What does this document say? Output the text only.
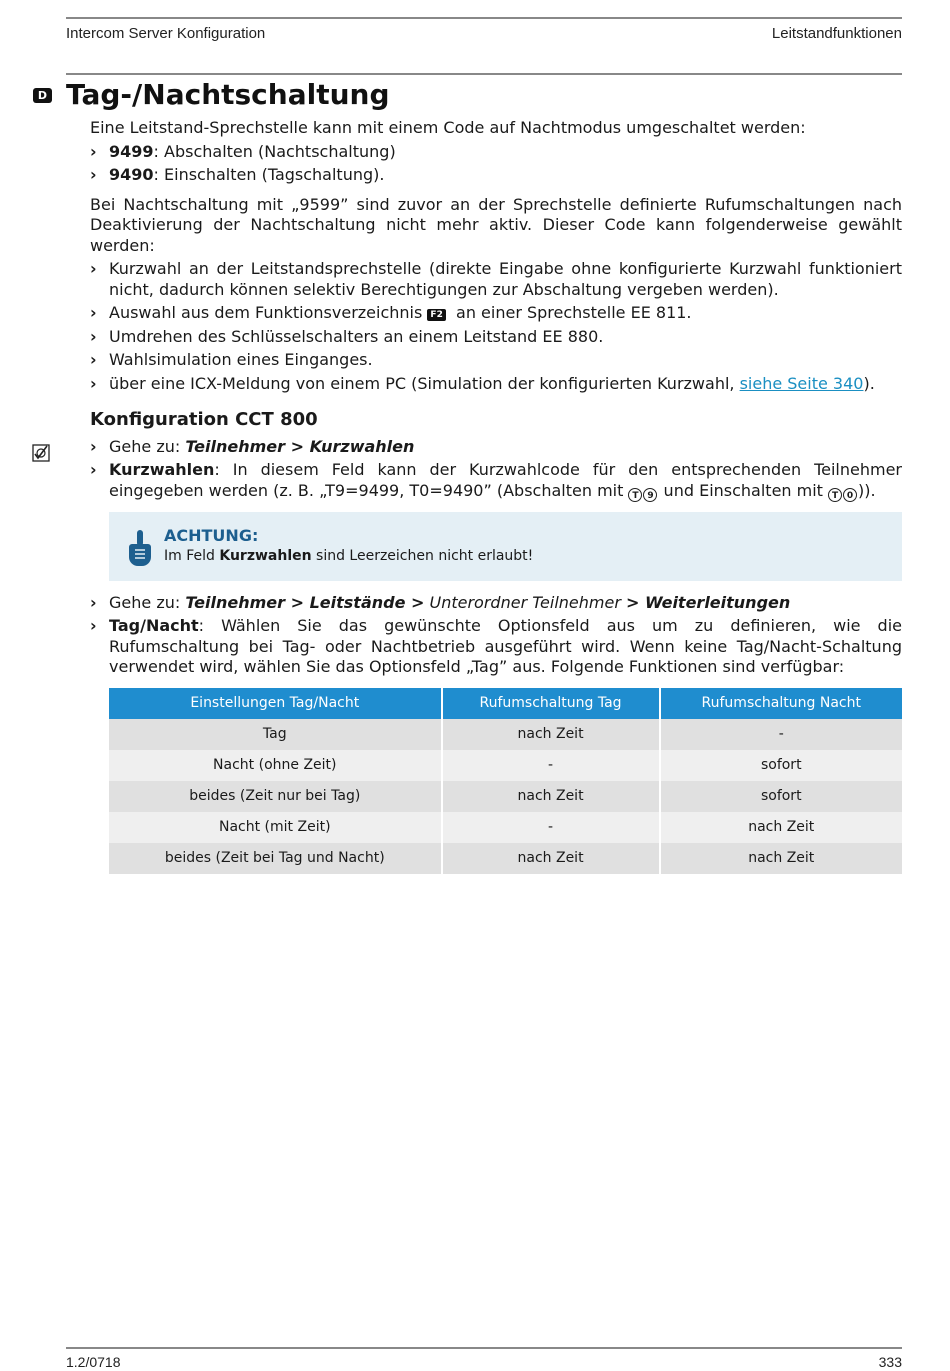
Intercom Server Konfiguration	Leitstandfunktionen
D Tag-/Nachtschaltung

Eine Leitstand-Sprechstelle kann mit einem Code auf Nachtmodus umgeschaltet werden:

› 9499: Abschalten (Nachtschaltung)

› 9490: Einschalten (Tagschaltung).

Bei Nachtschaltung mit „9599” sind zuvor an der Sprechstelle definierte Rufumschaltungen nach Deaktivierung der Nachtschaltung nicht mehr aktiv. Dieser Code kann folgenderweise gewählt werden:

› Kurzwahl an der Leitstandsprechstelle (direkte Eingabe ohne konfigurierte Kurzwahl funktioniert nicht, dadurch können selektiv Berechtigungen zur Abschaltung vergeben werden).

› Auswahl aus dem Funktionsverzeichnis F2 an einer Sprechstelle EE 811.

› Umdrehen des Schlüsselschalters an einem Leitstand EE 880.

› Wahlsimulation eines Einganges.

› über eine ICX-Meldung von einem PC (Simulation der konfigurierten Kurzwahl, siehe Seite 340).

Konfiguration CCT 800

› Gehe zu: Teilnehmer > Kurzwahlen

› Kurzwahlen: In diesem Feld kann der Kurzwahlcode für den entsprechenden Teilnehmer eingegeben werden (z. B. „T9=9499, T0=9490” (Abschalten mit T 9 und Einschalten mit T 0 )).

ACHTUNG:
Im Feld Kurzwahlen sind Leerzeichen nicht erlaubt!

› Gehe zu: Teilnehmer > Leitstände > Unterordner Teilnehmer > Weiterleitungen

› Tag/Nacht: Wählen Sie das gewünschte Optionsfeld aus um zu definieren, wie die Rufumschaltung bei Tag- oder Nachtbetrieb ausgeführt wird. Wenn keine Tag/Nacht-Schaltung verwendet wird, wählen Sie das Optionsfeld „Tag” aus. Folgende Funktionen sind verfügbar:

Einstellungen Tag/Nacht	Rufumschaltung Tag	Rufumschaltung Nacht
Tag	nach Zeit	-
Nacht (ohne Zeit)	-	sofort
beides (Zeit nur bei Tag)	nach Zeit	sofort
Nacht (mit Zeit)	-	nach Zeit
beides (Zeit bei Tag und Nacht)	nach Zeit	nach Zeit
1.2/0718	333
